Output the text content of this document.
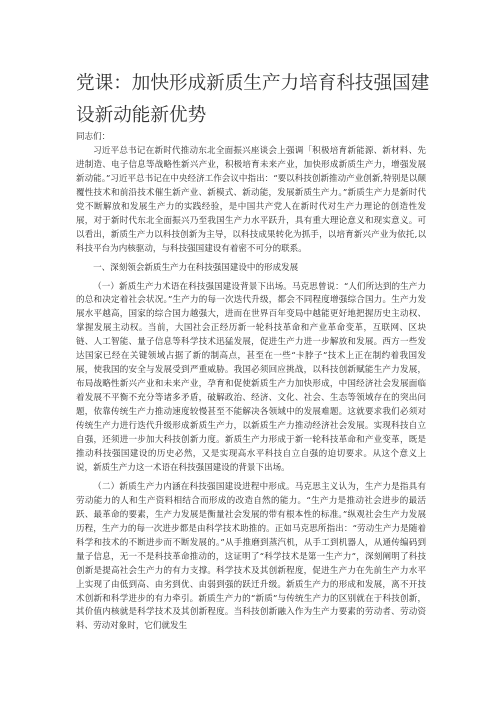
党课：加快形成新质生产力培育科技强国建设新动能新优势

同志们：

习近平总书记在新时代推动东北全面振兴座谈会上强调「积极培育新能源、新材料、先进制造、电子信息等战略性新兴产业，积极培育未来产业，加快形成新质生产力，增强发展新动能。”习近平总书记在中央经济工作会议中指出：“要以科技创新推动产业创新,特别是以颠覆性技术和前沿技术催生新产业、新模式、新动能，发展新质生产力。”新质生产力是新时代党不断解放和发展生产力的实践经验，是中国共产党人在新时代对生产力理论的创造性发展，对于新时代东北全面振兴乃至我国生产力水平跃升，具有重大理论意义和现实意义。可以看出，新质生产力以科技创新为主导，以科技成果转化为抓手，以培育新兴产业为依托,以科技平台为内核驱动，与科技强国建设有着密不可分的联系。

一、深刻领会新质生产力在科技强国建设中的形成发展

（一）新质生产力术语在科技强国建设背景下出场。马克思曾说：“人们所达到的生产力的总和决定着社会状况。”生产力的每一次迭代升级，都会不同程度增强综合国力。生产力发展水平越高，国家的综合国力越强大，进而在世界百年变局中越能更好地把握历史主动权、掌握发展主动权。当前，大国社会正经历新一轮科技革命和产业革命变革，互联网、区块链、人工智能、量子信息等科学技术迅猛发展，促进生产力进一步解放和发展。西方一些发达国家已经在关键领域占据了新的制高点，甚至在一些“卡脖子”技术上正在制约着我国发展，使我国的安全与发展受到严重威胁。我国必须回应挑战，以科技创新赋能生产力发展，布局战略性新兴产业和未来产业，孕育和促使新质生产力加快形成，中国经济社会发展面临着发展不平衡不充分等诸多矛盾，破解政治、经济、文化、社会、生态等领域存在的突出问题，依靠传统生产力推动速度较慢甚至不能解决各领域中的发展难题。这就要求我们必须对传统生产力进行迭代升级形成新质生产力，以新质生产力推动经济社会发展。实现科技自立自强，还须进一步加大科技创新力度。新质生产力形成于新一轮科技革命和产业变革，既是推动科技强国建设的历史必然，又是实现高水平科技自立自强的迫切要求。从这个意义上说，新质生产力这一术语在科技强国建设的背景下出场。

（二）新质生产力内涵在科技强国建设进程中形成。马克思主义认为，生产力是指具有劳动能力的人和生产资料相结合而形成的改造自然的能力。“生产力是推动社会进步的最活跃、最革命的要素，生产力发展是衡量社会发展的带有根本性的标准。”纵观社会生产力发展历程，生产力的每一次进步都是由科学技术助推的。正如马克思所指出：“劳动生产力是随着科学和技术的不断进步而不断发展的。”从手推磨到蒸汽机，从手工到机器人，从通传编码到量子信息，无一不是科技革命推动的，这证明了“科学技术是第一生产力”，深刻阐明了科技创新是提高社会生产力的有力支撑。科学技术及其创新程度，促进生产力在先前生产力水平上实现了由低到高、由劣到优、由弱到强的跃迁升级。新质生产力的形成和发展，离不开技术创新和科学进步的有力牵引。新质生产力的“新质”与传统生产力的区别就在于科技创新，其价值内核就是科学技术及其创新程度。当科技创新融入作为生产力要素的劳动者、劳动资料、劳动对象时，它们就发生
